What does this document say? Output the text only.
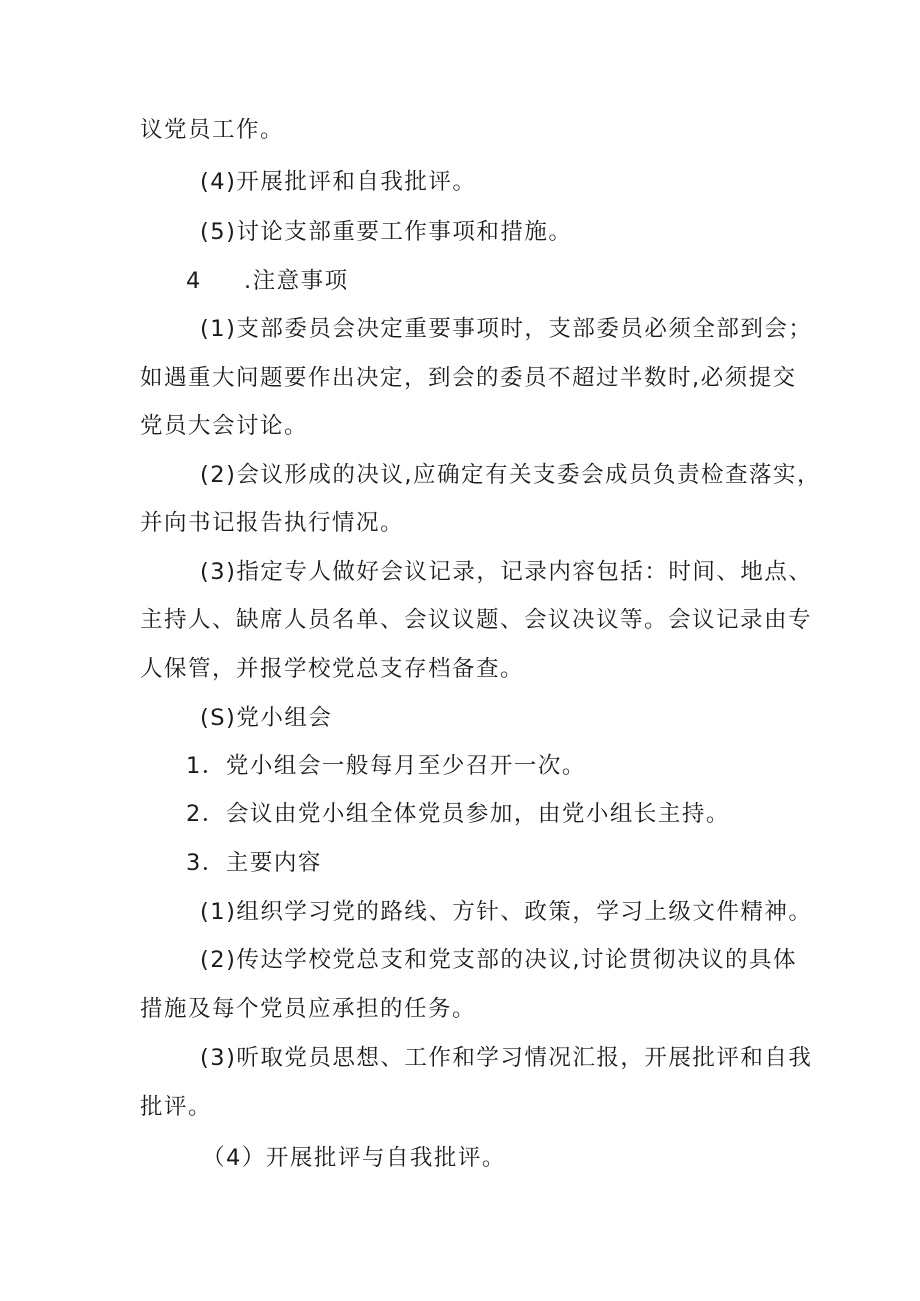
议党员工作。
(4)开展批评和自我批评。
(5)讨论支部重要工作事项和措施。
4 .注意事项
(1)支部委员会决定重要事项时，支部委员必须全部到会；
如遇重大问题要作出决定，到会的委员不超过半数时,必须提交
党员大会讨论。
(2)会议形成的决议,应确定有关支委会成员负责检查落实，
并向书记报告执行情况。
(3)指定专人做好会议记录，记录内容包括：时间、地点、
主持人、缺席人员名单、会议议题、会议决议等。会议记录由专
人保管，并报学校党总支存档备查。
(S)党小组会
1．党小组会一般每月至少召开一次。
2．会议由党小组全体党员参加，由党小组长主持。
3．主要内容
(1)组织学习党的路线、方针、政策，学习上级文件精神。
(2)传达学校党总支和党支部的决议,讨论贯彻决议的具体
措施及每个党员应承担的任务。
(3)听取党员思想、工作和学习情况汇报，开展批评和自我
批评。
（4）开展批评与自我批评。
